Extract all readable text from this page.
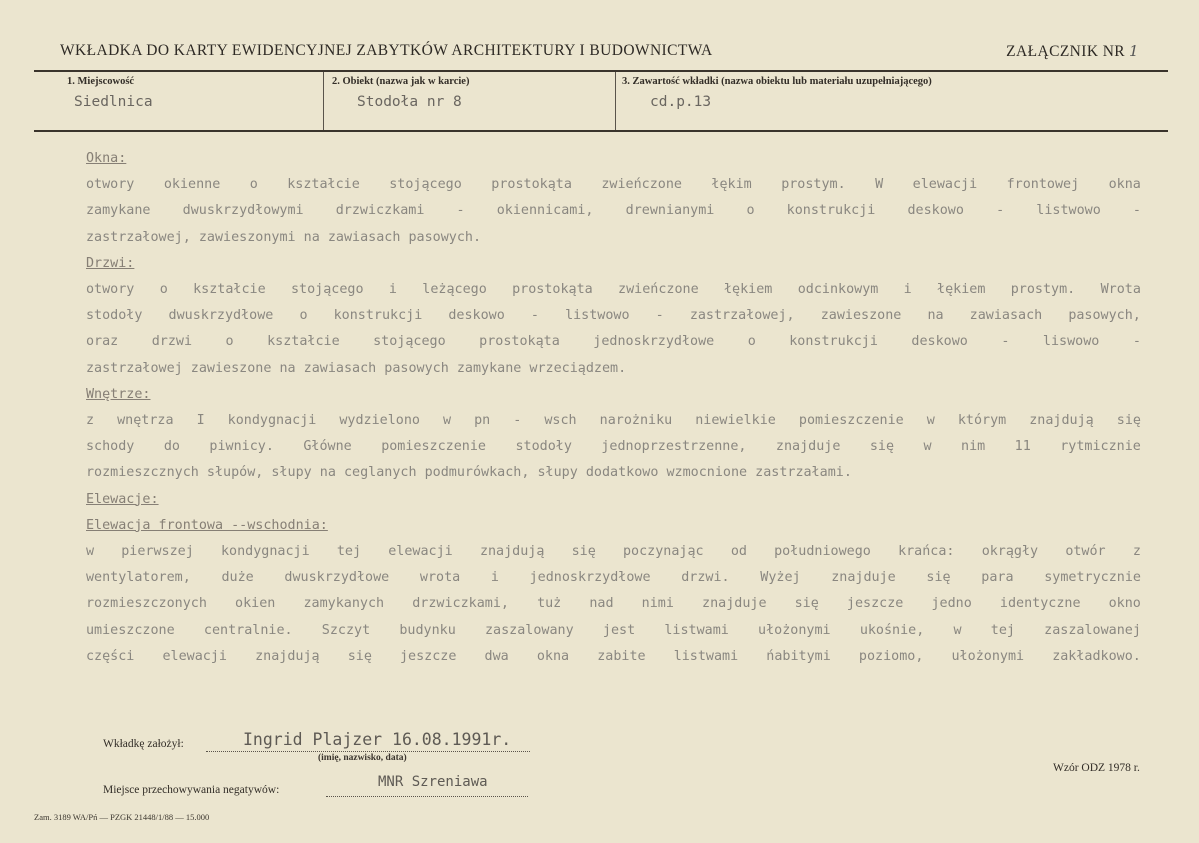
WKŁADKA DO KARTY EWIDENCYJNEJ ZABYTKÓW ARCHITEKTURY I BUDOWNICTWA	ZAŁĄCZNIK NR 1
1. Miejscowość
Siedlnica
2. Obiekt (nazwa jak w karcie)
Stodoła nr 8
3. Zawartość wkładki (nazwa obiektu lub materiału uzupełniającego)
cd.p.13
Okna:
otwory okienne o kształcie stojącego prostokąta zwieńczone łękim prostym. W elewacji frontowej okna
zamykane dwuskrzydłowymi drzwiczkami - okiennicami, drewnianymi o konstrukcji deskowo - listwowo -
zastrzałowej, zawieszonymi na zawiasach pasowych.
Drzwi:
otwory o kształcie stojącego i leżącego prostokąta zwieńczone łękiem odcinkowym i łękiem prostym. Wrota
stodoły dwuskrzydłowe o konstrukcji deskowo - listwowo - zastrzałowej, zawieszone na zawiasach pasowych,
oraz drzwi o kształcie stojącego prostokąta jednoskrzydłowe o konstrukcji deskowo - liswowo -
zastrzałowej zawieszone na zawiasach pasowych zamykane wrzeciądzem.
Wnętrze:
z wnętrza I kondygnacji wydzielono w pn - wsch narożniku niewielkie pomieszczenie w którym znajdują się
schody do piwnicy. Główne pomieszczenie stodoły jednoprzestrzenne, znajduje się w nim 11 rytmicznie
rozmieszcznych słupów, słupy na ceglanych podmurówkach, słupy dodatkowo wzmocnione zastrzałami.
Elewacje:
Elewacja frontowa --wschodnia:
w pierwszej kondygnacji tej elewacji znajdują się poczynając od południowego krańca: okrągły otwór z
wentylatorem, duże dwuskrzydłowe wrota i jednoskrzydłowe drzwi. Wyżej znajduje się para symetrycznie
rozmieszczonych okien zamykanych drzwiczkami, tuż nad nimi znajduje się jeszcze jedno identyczne okno
umieszczone centralnie. Szczyt budynku zaszalowany jest listwami ułożonymi ukośnie, w tej zaszalowanej
części elewacji znajdują się jeszcze dwa okna zabite listwami ńabitymi poziomo, ułożonymi zakładkowo.
Wkładkę założył:	Ingrid Plajzer 16.08.1991r.
(imię, nazwisko, data)
Miejsce przechowywania negatywów:	MNR Szreniawa
Wzór ODZ 1978 r.
Zam. 3189 WA/Pń — PZGK 21448/1/88 — 15.000
